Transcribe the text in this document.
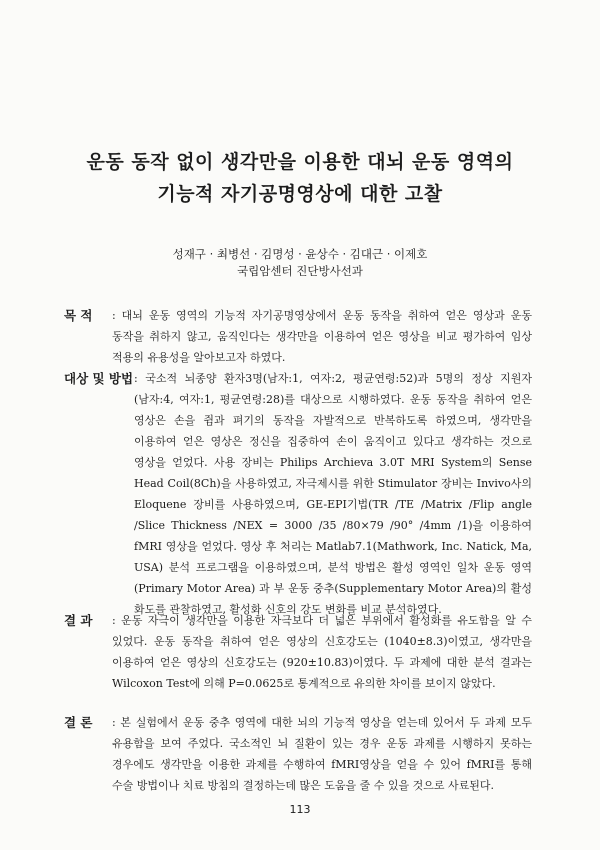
운동 동작 없이 생각만을 이용한 대뇌 운동 영역의
기능적 자기공명영상에 대한 고찰
성재구 · 최병선 · 김명성 · 윤상수 · 김대근 · 이제호
국립암센터 진단방사선과
목 적 : 대뇌 운동 영역의 기능적 자기공명영상에서 운동 동작을 취하여 얻은 영상과 운동 동작을 취하지 않고, 움직인다는 생각만을 이용하여 얻은 영상을 비교 평가하여 임상 적용의 유용성을 알아보고자 하였다.
대상 및 방법 : 국소적 뇌종양 환자3명(남자:1, 여자:2, 평균연령:52)과 5명의 정상 지원자(남자:4, 여자:1, 평균연령:28)를 대상으로 시행하였다. 운동 동작을 취하여 얻은 영상은 손을 쥠과 펴기의 동작을 자발적으로 반복하도록 하였으며, 생각만을 이용하여 얻은 영상은 정신을 집중하여 손이 움직이고 있다고 생각하는 것으로 영상을 얻었다. 사용 장비는 Philips Archieva 3.0T MRI System의 Sense Head Coil(8Ch)을 사용하였고, 자극제시를 위한 Stimulator 장비는 Invivo사의 Eloquene 장비를 사용하였으며, GE-EPI기법(TR /TE /Matrix /Flip angle /Slice Thickness /NEX = 3000 /35 /80×79 /90° /4mm /1)을 이용하여 fMRI 영상을 얻었다. 영상 후 처리는 Matlab7.1(Mathwork, Inc. Natick, Ma, USA) 분석 프로그램을 이용하였으며, 분석 방법은 활성 영역인 일차 운동 영역(Primary Motor Area) 과 부 운동 중추(Supplementary Motor Area)의 활성 화도를 관찰하였고, 활성화 신호의 강도 변화를 비교 분석하였다.
결 과 : 운동 자극이 생각만을 이용한 자극보다 더 넓은 부위에서 활성화를 유도함을 알 수 있었다. 운동 동작을 취하여 얻은 영상의 신호강도는 (1040±8.3)이였고, 생각만을 이용하여 얻은 영상의 신호강도는 (920±10.83)이였다. 두 과제에 대한 분석 결과는 Wilcoxon Test에 의해 P=0.0625로 통계적으로 유의한 차이를 보이지 않았다.
결 론 : 본 실험에서 운동 중추 영역에 대한 뇌의 기능적 영상을 얻는데 있어서 두 과제 모두 유용함을 보여 주었다. 국소적인 뇌 질환이 있는 경우 운동 과제를 시행하지 못하는 경우에도 생각만을 이용한 과제를 수행하여 fMRI영상을 얻을 수 있어 fMRI를 통해 수술 방법이나 치료 방침의 결정하는데 많은 도움을 줄 수 있을 것으로 사료된다.
113
